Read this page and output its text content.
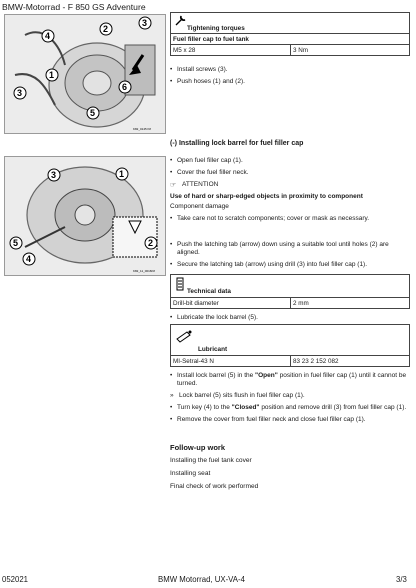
BMW-Motorrad - F 850 GS Adventure
4
2
3
1
6
3
5
K82_0145 Kfl
Tightening torques
Fuel filler cap to fuel tank
M5 x 28	3 Nm
• Install screws (3).
• Push hoses (1) and (2).
(-) Installing lock barrel for fuel filler cap
3	1
5
4
2
K82_11_0016Kfl
• Open fuel filler cap (1).
• Cover the fuel filler neck.
☞ ATTENTION
Use of hard or sharp-edged objects in proximity to component
Component damage
• Take care not to scratch components; cover or mask as necessary.
• Push the latching tab (arrow) down using a suitable tool until holes (2) are aligned.
• Secure the latching tab (arrow) using drill (3) into fuel filler cap (1).
Technical data
Drill-bit diameter	2 mm
• Lubricate the lock barrel (5).
Lubricant
MI-Setral-43 N	83 23 2 152 082
• Install lock barrel (5) in the "Open" position in fuel filler cap (1) until it cannot be turned.
» Lock barrel (5) sits flush in fuel filler cap (1).
• Turn key (4) to the "Closed" position and remove drill (3) from fuel filler cap (1).
• Remove the cover from fuel filler neck and close fuel filler cap (1).
Follow-up work
Installing the fuel tank cover
Installing seat
Final check of work performed
052021	BMW Motorrad, UX-VA-4	3/3
